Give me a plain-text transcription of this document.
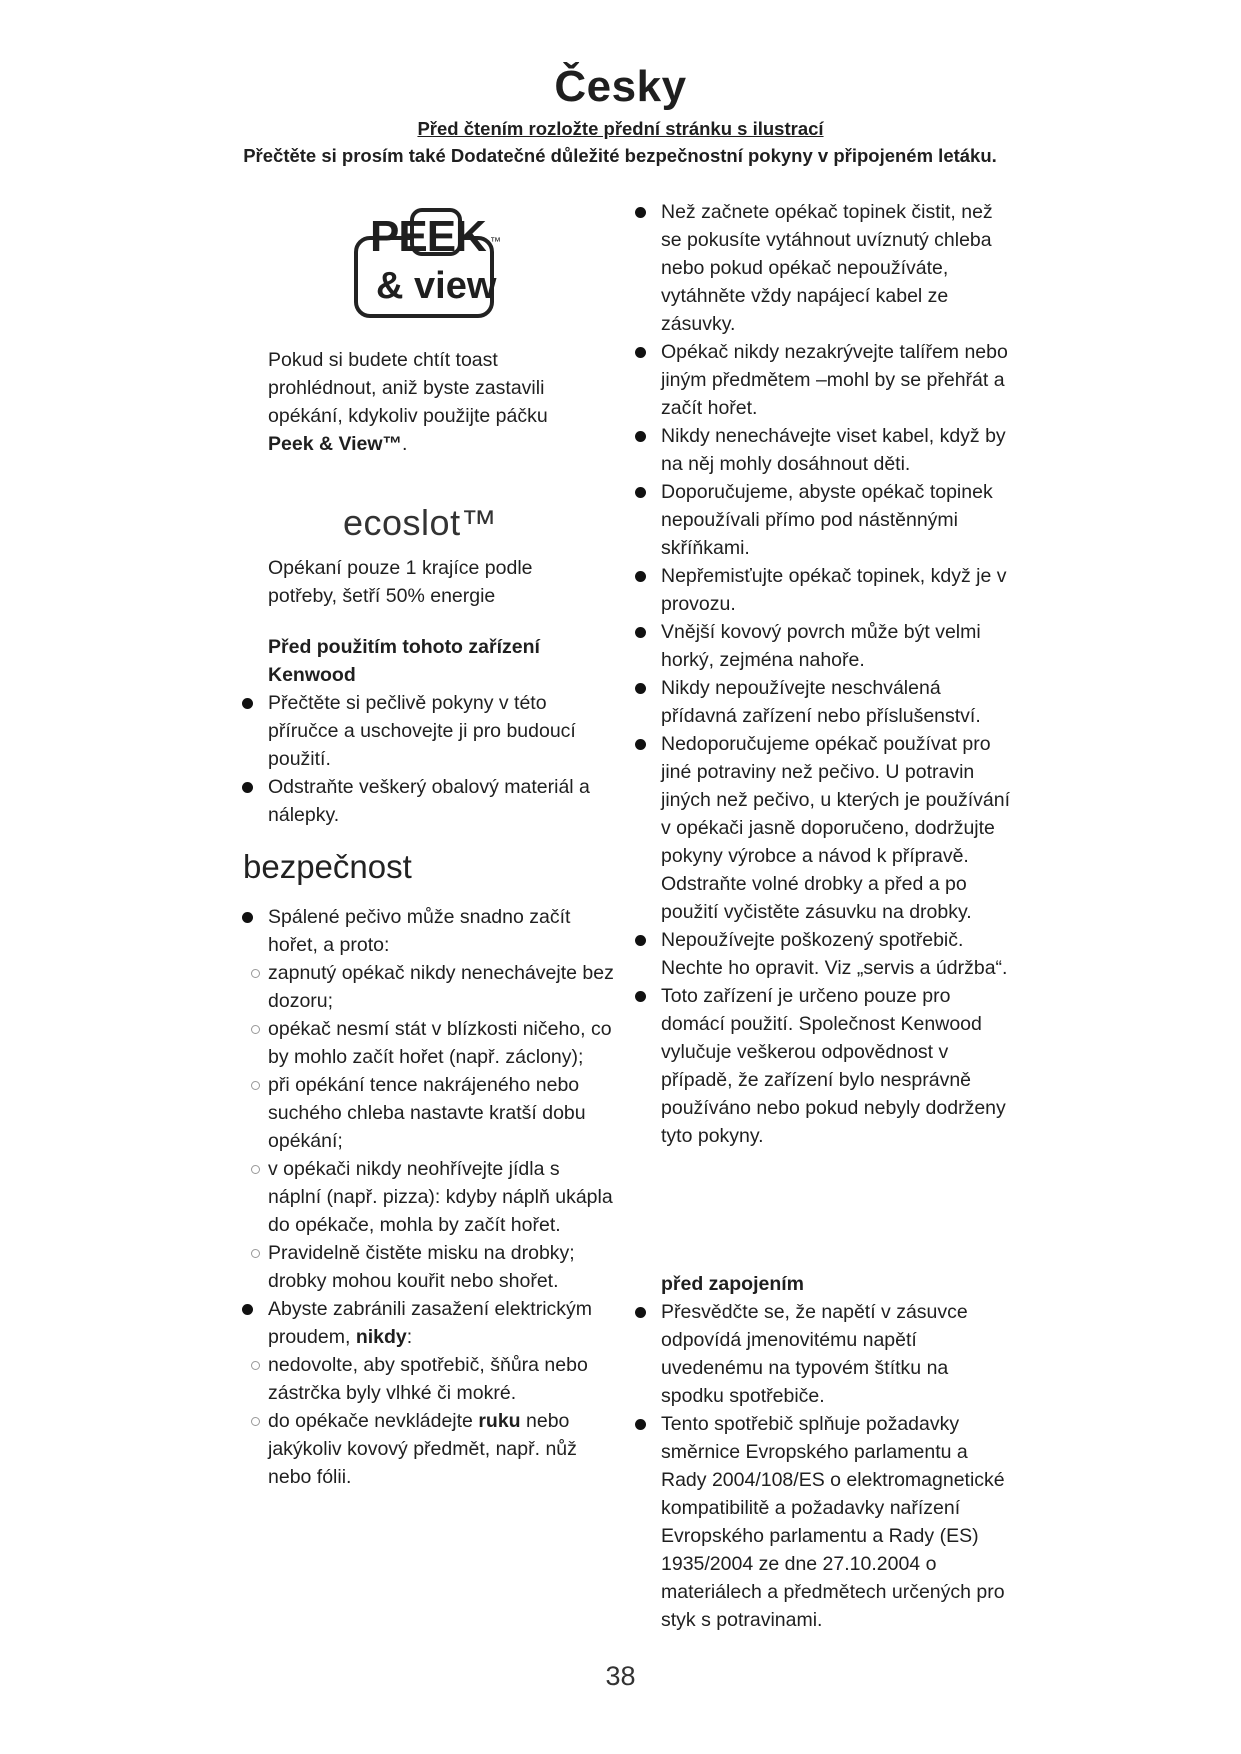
Česky
Před čtením rozložte přední stránku s ilustrací
Přečtěte si prosím také Dodatečné důležité bezpečnostní pokyny v připojeném letáku.
PEEK ™
& view
Pokud si budete chtít toast prohlédnout, aniž byste zastavili opékání, kdykoliv použijte páčku Peek & View™.
ecoslot™
Opékaní pouze 1 krajíce podle potřeby, šetří 50% energie
Před použitím tohoto zařízení Kenwood
Přečtěte si pečlivě pokyny v této příručce a uschovejte ji pro budoucí použití.
Odstraňte veškerý obalový materiál a nálepky.
bezpečnost
Spálené pečivo může snadno začít hořet, a proto:
zapnutý opékač nikdy nenechávejte bez dozoru;
opékač nesmí stát v blízkosti ničeho, co by mohlo začít hořet (např. záclony);
při opékání tence nakrájeného nebo suchého chleba nastavte kratší dobu opékání;
v opékači nikdy neohřívejte jídla s náplní (např. pizza): kdyby náplň ukápla do opékače, mohla by začít hořet.
Pravidelně čistěte misku na drobky; drobky mohou kouřit nebo shořet.
Abyste zabránili zasažení elektrickým proudem, nikdy:
nedovolte, aby spotřebič, šňůra nebo zástrčka byly vlhké či mokré.
do opékače nevkládejte ruku nebo jakýkoliv kovový předmět, např. nůž nebo fólii.
Než začnete opékač topinek čistit, než se pokusíte vytáhnout uvíznutý chleba nebo pokud opékač nepoužíváte, vytáhněte vždy napájecí kabel ze zásuvky.
Opékač nikdy nezakrývejte talířem nebo jiným předmětem –mohl by se přehřát a začít hořet.
Nikdy nenechávejte viset kabel, když by na něj mohly dosáhnout děti.
Doporučujeme, abyste opékač topinek nepoužívali přímo pod nástěnnými skříňkami.
Nepřemisťujte opékač topinek, když je v provozu.
Vnější kovový povrch může být velmi horký, zejména nahoře.
Nikdy nepoužívejte neschválená přídavná zařízení nebo příslušenství.
Nedoporučujeme opékač používat pro jiné potraviny než pečivo. U potravin jiných než pečivo, u kterých je používání v opékači jasně doporučeno, dodržujte pokyny výrobce a návod k přípravě. Odstraňte volné drobky a před a po použití vyčistěte zásuvku na drobky.
Nepoužívejte poškozený spotřebič. Nechte ho opravit. Viz „servis a údržba“.
Toto zařízení je určeno pouze pro domácí použití. Společnost Kenwood vylučuje veškerou odpovědnost v případě, že zařízení bylo nesprávně používáno nebo pokud nebyly dodrženy tyto pokyny.
před zapojením
Přesvědčte se, že napětí v zásuvce odpovídá jmenovitému napětí uvedenému na typovém štítku na spodku spotřebiče.
Tento spotřebič splňuje požadavky směrnice Evropského parlamentu a Rady 2004/108/ES o elektromagnetické kompatibilitě a požadavky nařízení Evropského parlamentu a Rady (ES) 1935/2004 ze dne 27.10.2004 o materiálech a předmětech určených pro styk s potravinami.
38
